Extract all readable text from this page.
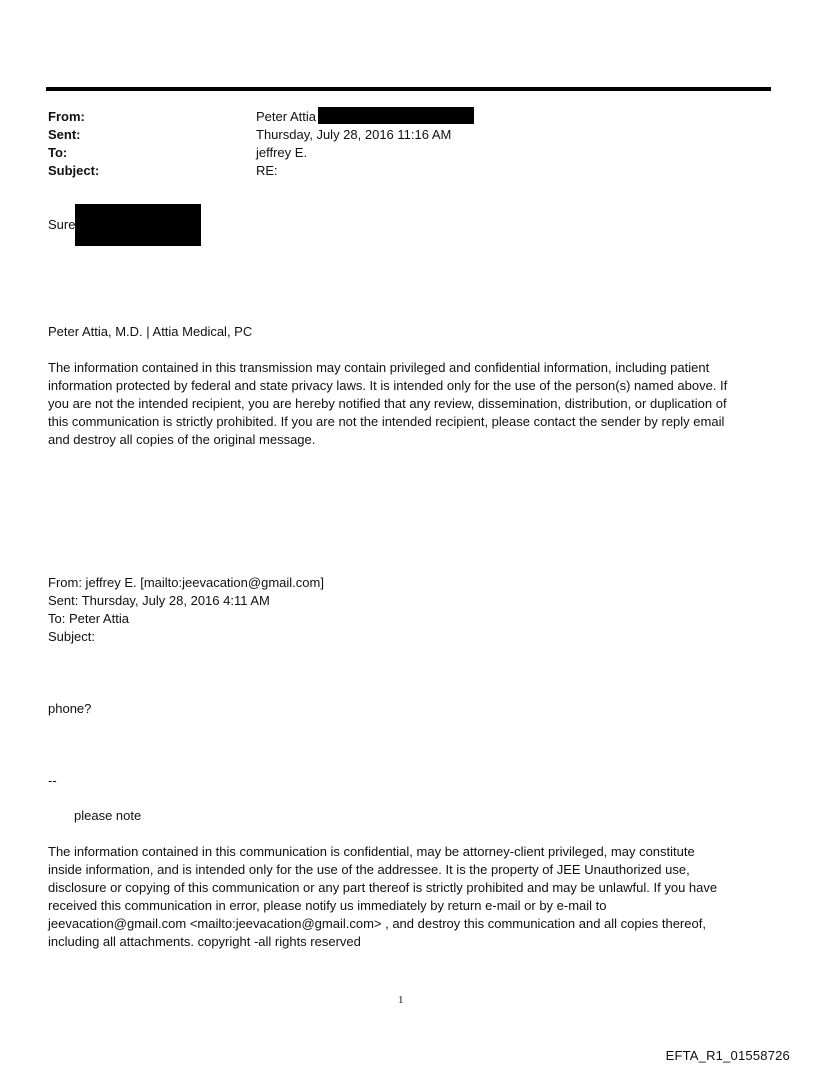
From:	Peter Attia
Sent:	Thursday, July 28, 2016 11:16 AM
To:	jeffrey E.
Subject:	RE:
Sure
Peter Attia, M.D. | Attia Medical, PC
The information contained in this transmission may contain privileged and confidential information, including patient
information protected by federal and state privacy laws. It is intended only for the use of the person(s) named above. If
you are not the intended recipient, you are hereby notified that any review, dissemination, distribution, or duplication of
this communication is strictly prohibited. If you are not the intended recipient, please contact the sender by reply email
and destroy all copies of the original message.
From: jeffrey E. [mailto:jeevacation@gmail.com]
Sent: Thursday, July 28, 2016 4:11 AM
To: Peter Attia
Subject:
phone?
--
please note
The information contained in this communication is confidential, may be attorney-client privileged, may constitute
inside information, and is intended only for the use of the addressee. It is the property of JEE Unauthorized use,
disclosure or copying of this communication or any part thereof is strictly prohibited and may be unlawful. If you have
received this communication in error, please notify us immediately by return e-mail or by e-mail to
jeevacation@gmail.com <mailto:jeevacation@gmail.com> , and destroy this communication and all copies thereof,
including all attachments. copyright -all rights reserved
1
EFTA_R1_01558726
